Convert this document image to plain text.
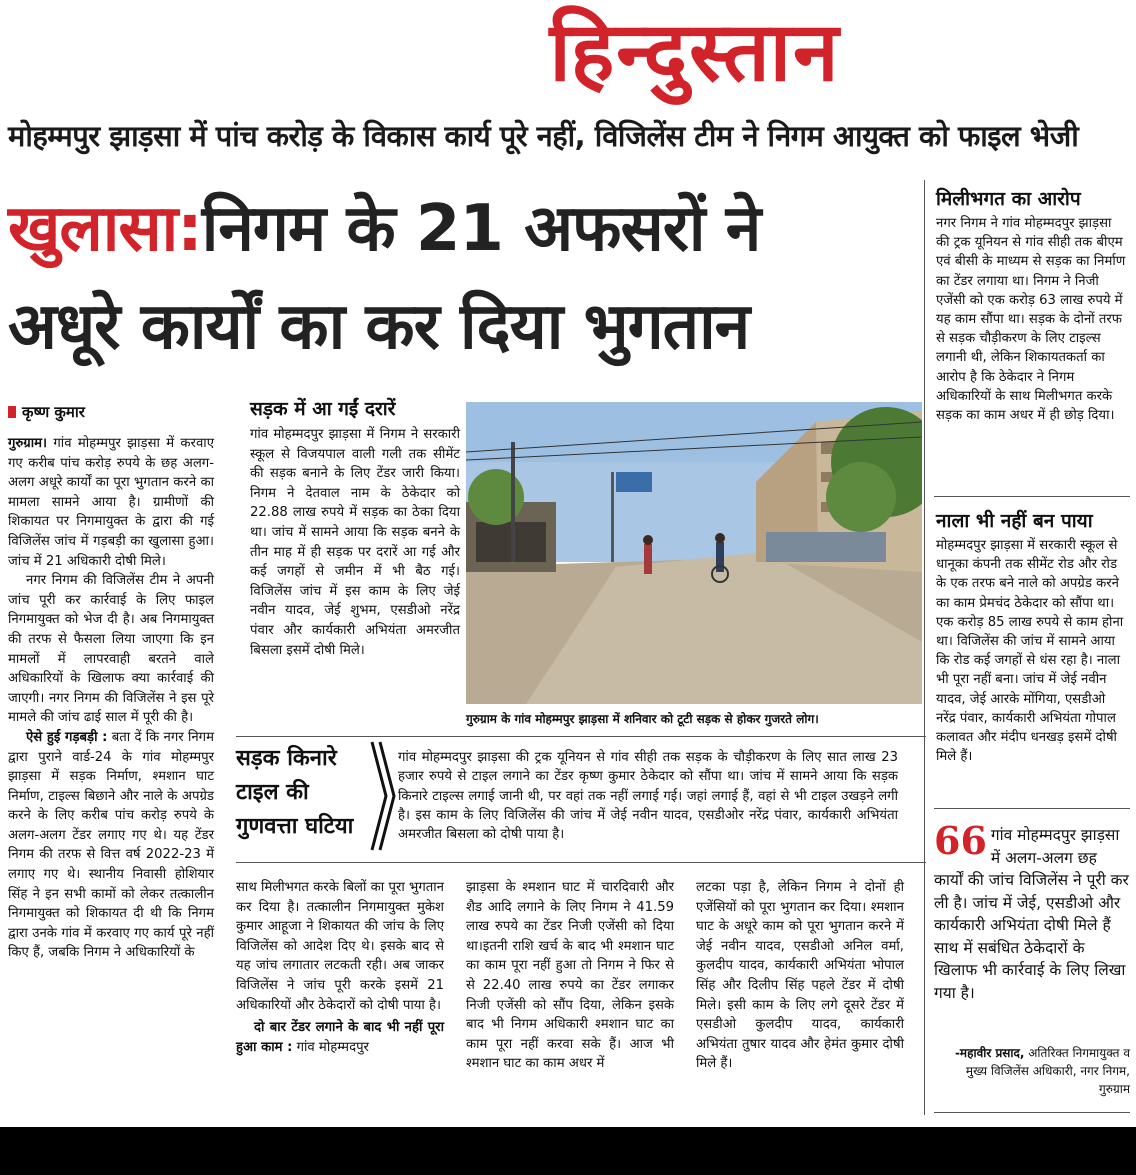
हिन्दुस्तान
मोहम्मपुर झाड़सा में पांच करोड़ के विकास कार्य पूरे नहीं, विजिलेंस टीम ने निगम आयुक्त को फाइल भेजी
खुलासा:निगम के 21 अफसरों ने
अधूरे कार्यों का कर दिया भुगतान
कृष्ण कुमार

गुरुग्राम। गांव मोहम्मपुर झाड़सा में करवाए गए करीब पांच करोड़ रुपये के छह अलग-अलग अधूरे कार्यों का पूरा भुगतान करने का मामला सामने आया है। ग्रामीणों की शिकायत पर निगमायुक्त के द्वारा की गई विजिलेंस जांच में गड़बड़ी का खुलासा हुआ। जांच में 21 अधिकारी दोषी मिले।

नगर निगम की विजिलेंस टीम ने अपनी जांच पूरी कर कार्रवाई के लिए फाइल निगमायुक्त को भेज दी है। अब निगमायुक्त की तरफ से फैसला लिया जाएगा कि इन मामलों में लापरवाही बरतने वाले अधिकारियों के खिलाफ क्या कार्रवाई की जाएगी। नगर निगम की विजिलेंस ने इस पूरे मामले की जांच ढाई साल में पूरी की है।

ऐसे हुई गड़बड़ी : बता दें कि नगर निगम द्वारा पुराने वार्ड-24 के गांव मोहम्मपुर झाड़सा में सड़क निर्माण, श्मशान घाट निर्माण, टाइल्स बिछाने और नाले के अपग्रेड करने के लिए करीब पांच करोड़ रुपये के अलग-अलग टेंडर लगाए गए थे। यह टेंडर निगम की तरफ से वित्त वर्ष 2022-23 में लगाए गए थे। स्थानीय निवासी होशियार सिंह ने इन सभी कामों को लेकर तत्कालीन निगमायुक्त को शिकायत दी थी कि निगम द्वारा उनके गांव में करवाए गए कार्य पूरे नहीं किए हैं, जबकि निगम ने अधिकारियों के

सड़क में आ गईं दरारें

गांव मोहम्मदपुर झाड़सा में निगम ने सरकारी स्कूल से विजयपाल वाली गली तक सीमेंट की सड़क बनाने के लिए टेंडर जारी किया। निगम ने देतवाल नाम के ठेकेदार को 22.88 लाख रुपये में सड़क का ठेका दिया था। जांच में सामने आया कि सड़क बनने के तीन माह में ही सड़क पर दरारें आ गई और कई जगहों से जमीन में भी बैठ गई। विजिलेंस जांच में इस काम के लिए जेई नवीन यादव, जेई शुभम, एसडीओ नरेंद्र पंवार और कार्यकारी अभियंता अमरजीत बिसला इसमें दोषी मिले।

गुरुग्राम के गांव मोहम्मपुर झाड़सा में शनिवार को टूटी सड़क से होकर गुजरते लोग।
सड़क किनारे टाइल की गुणवत्ता घटिया
गांव मोहम्मदपुर झाड़सा की ट्रक यूनियन से गांव सीही तक सड़क के चौड़ीकरण के लिए सात लाख 23 हजार रुपये से टाइल लगाने का टेंडर कृष्ण कुमार ठेकेदार को सौंपा था। जांच में सामने आया कि सड़क किनारे टाइल्स लगाई जानी थी, पर वहां तक नहीं लगाई गई। जहां लगाई हैं, वहां से भी टाइल उखड़ने लगी है। इस काम के लिए विजिलेंस की जांच में जेई नवीन यादव, एसडीओर नरेंद्र पंवार, कार्यकारी अभियंता अमरजीत बिसला को दोषी पाया है।

साथ मिलीभगत करके बिलों का पूरा भुगतान कर दिया है। तत्कालीन निगमायुक्त मुकेश कुमार आहूजा ने शिकायत की जांच के लिए विजिलेंस को आदेश दिए थे। इसके बाद से यह जांच लगातार लटकती रही। अब जाकर विजिलेंस ने जांच पूरी करके इसमें 21 अधिकारियों और ठेकेदारों को दोषी पाया है।

दो बार टेंडर लगाने के बाद भी नहीं पूरा हुआ काम : गांव मोहम्मदपुर

झाड़सा के श्मशान घाट में चारदिवारी और शैड आदि लगाने के लिए निगम ने 41.59 लाख रुपये का टेंडर निजी एजेंसी को दिया था।इतनी राशि खर्च के बाद भी श्मशान घाट का काम पूरा नहीं हुआ तो निगम ने फिर से से 22.40 लाख रुपये का टेंडर लगाकर निजी एजेंसी को सौंप दिया, लेकिन इसके बाद भी निगम अधिकारी श्मशान घाट का काम पूरा नहीं करवा सके हैं। आज भी श्मशान घाट का काम अधर में
लटका पड़ा है, लेकिन निगम ने दोनों ही एजेंसियों को पूरा भुगतान कर दिया। श्मशान घाट के अधूरे काम को पूरा भुगतान करने में जेई नवीन यादव, एसडीओ अनिल वर्मा, कुलदीप यादव, कार्यकारी अभियंता भोपाल सिंह और दिलीप सिंह पहले टेंडर में दोषी मिले। इसी काम के लिए लगे दूसरे टेंडर में एसडीओ कुलदीप यादव, कार्यकारी अभियंता तुषार यादव और हेमंत कुमार दोषी मिले हैं।
मिलीभगत का आरोप

नगर निगम ने गांव मोहम्मदपुर झाड़सा की ट्रक यूनियन से गांव सीही तक बीएम एवं बीसी के माध्यम से सड़क का निर्माण का टेंडर लगाया था। निगम ने निजी एजेंसी को एक करोड़ 63 लाख रुपये में यह काम सौंपा था। सड़क के दोनों तरफ से सड़क चौड़ीकरण के लिए टाइल्स लगानी थी, लेकिन शिकायतकर्ता का आरोप है कि ठेकेदार ने निगम अधिकारियों के साथ मिलीभगत करके सड़क का काम अधर में ही छोड़ दिया।

नाला भी नहीं बन पाया

मोहम्मदपुर झाड़सा में सरकारी स्कूल से धानूका कंपनी तक सीमेंट रोड और रोड के एक तरफ बने नाले को अपग्रेड करने का काम प्रेमचंद ठेकेदार को सौंपा था। एक करोड़ 85 लाख रुपये से काम होना था। विजिलेंस की जांच में सामने आया कि रोड कई जगहों से धंस रहा है। नाला भी पूरा नहीं बना। जांच में जेई नवीन यादव, जेई आरके मोंगिया, एसडीओ नरेंद्र पंवार, कार्यकारी अभियंता गोपाल कलावत और मंदीप धनखड़ इसमें दोषी मिले हैं।

66 गांव मोहम्मदपुर झाड़सा में अलग-अलग छह कार्यों की जांच विजिलेंस ने पूरी कर ली है। जांच में जेई, एसडीओ और कार्यकारी अभियंता दोषी मिले हैं साथ में सबंधित ठेकेदारों के खिलाफ भी कार्रवाई के लिए लिखा गया है।
-महावीर प्रसाद, अतिरिक्त निगमायुक्त व मुख्य विजिलेंस अधिकारी, नगर निगम, गुरुग्राम
